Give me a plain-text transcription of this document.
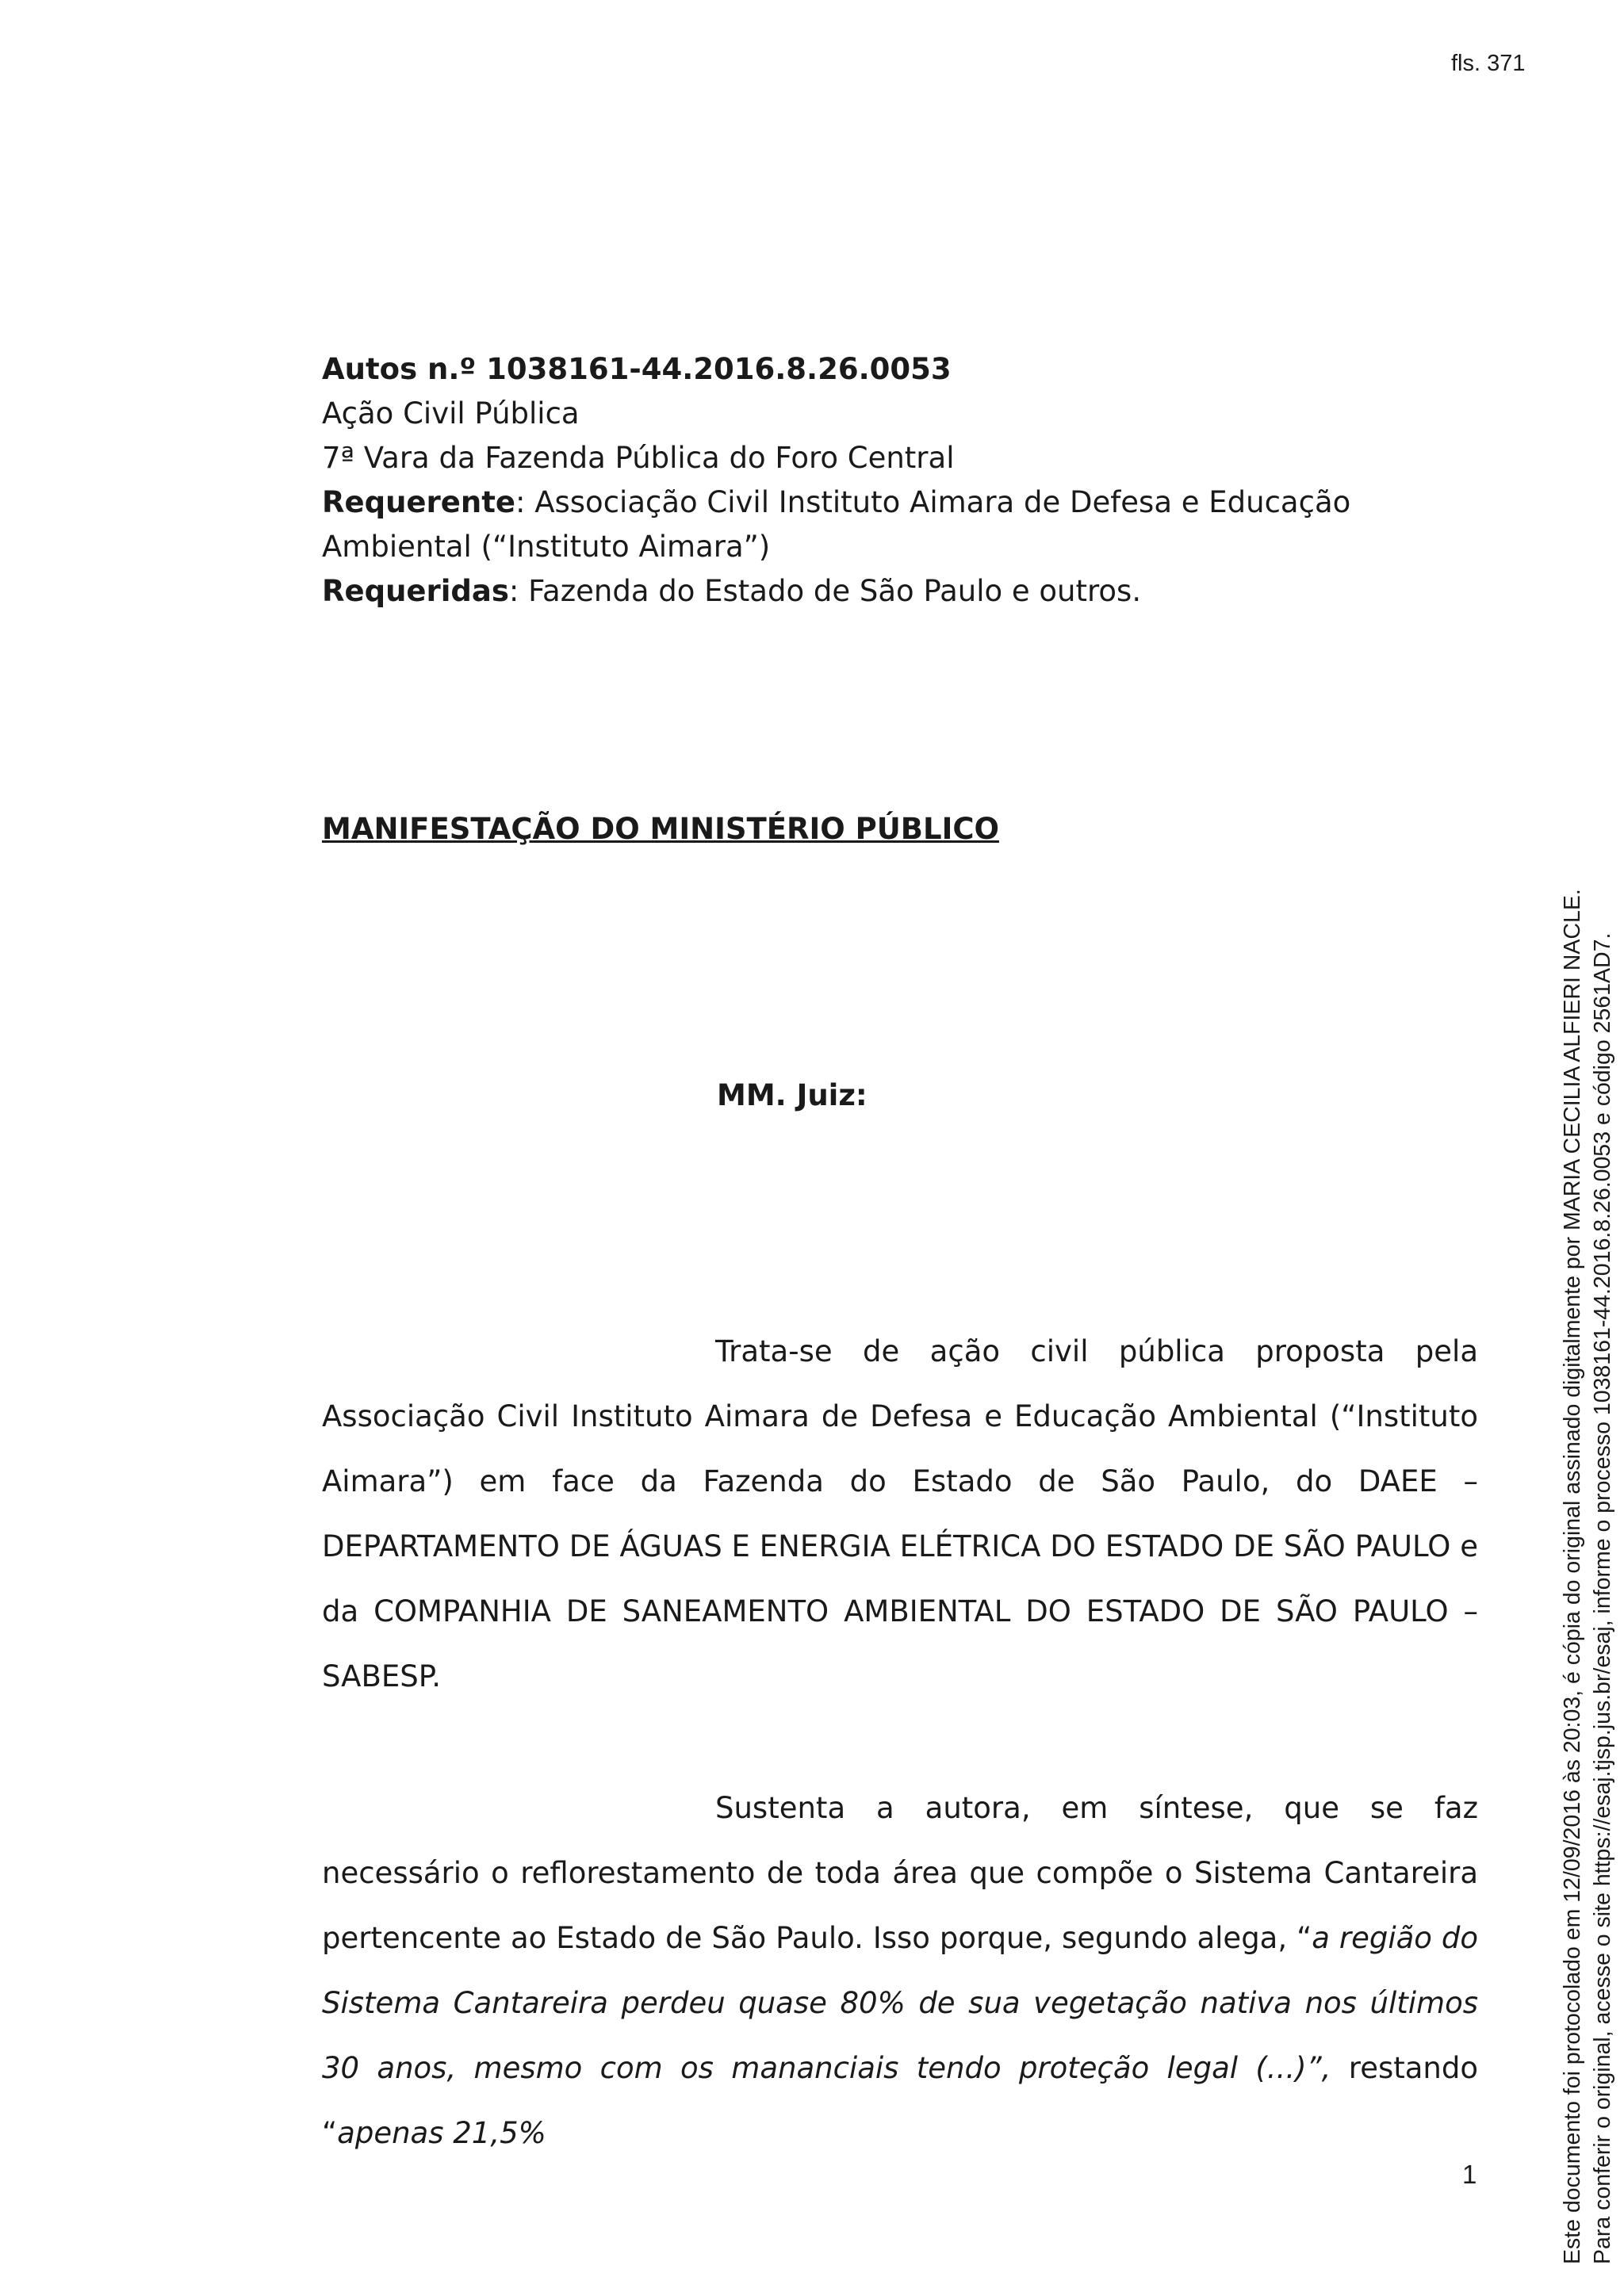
fls. 371

Autos n.º 1038161-44.2016.8.26.0053

Ação Civil Pública

7ª Vara da Fazenda Pública do Foro Central

Requerente: Associação Civil Instituto Aimara de Defesa e Educação Ambiental (“Instituto Aimara”)

Requeridas: Fazenda do Estado de São Paulo e outros.

MANIFESTAÇÃO DO MINISTÉRIO PÚBLICO
MM. Juiz:

Trata-se de ação civil pública proposta pela Associação Civil Instituto Aimara de Defesa e Educação Ambiental (“Instituto Aimara”) em face da Fazenda do Estado de São Paulo, do DAEE – DEPARTAMENTO DE ÁGUAS E ENERGIA ELÉTRICA DO ESTADO DE SÃO PAULO e da COMPANHIA DE SANEAMENTO AMBIENTAL DO ESTADO DE SÃO PAULO – SABESP.

Sustenta a autora, em síntese, que se faz necessário o reflorestamento de toda área que compõe o Sistema Cantareira pertencente ao Estado de São Paulo. Isso porque, segundo alega, “a região do Sistema Cantareira perdeu quase 80% de sua vegetação nativa nos últimos 30 anos, mesmo com os mananciais tendo proteção legal (...)”, restando “apenas 21,5%

1	Este documento foi protocolado em 12/09/2016 às 20:03, é cópia do original assinado digitalmente por MARIA CECILIA ALFIERI NACLE. Para conferir o original, acesse o site https://esaj.tjsp.jus.br/esaj, informe o processo 1038161-44.2016.8.26.0053 e código 2561AD7.
